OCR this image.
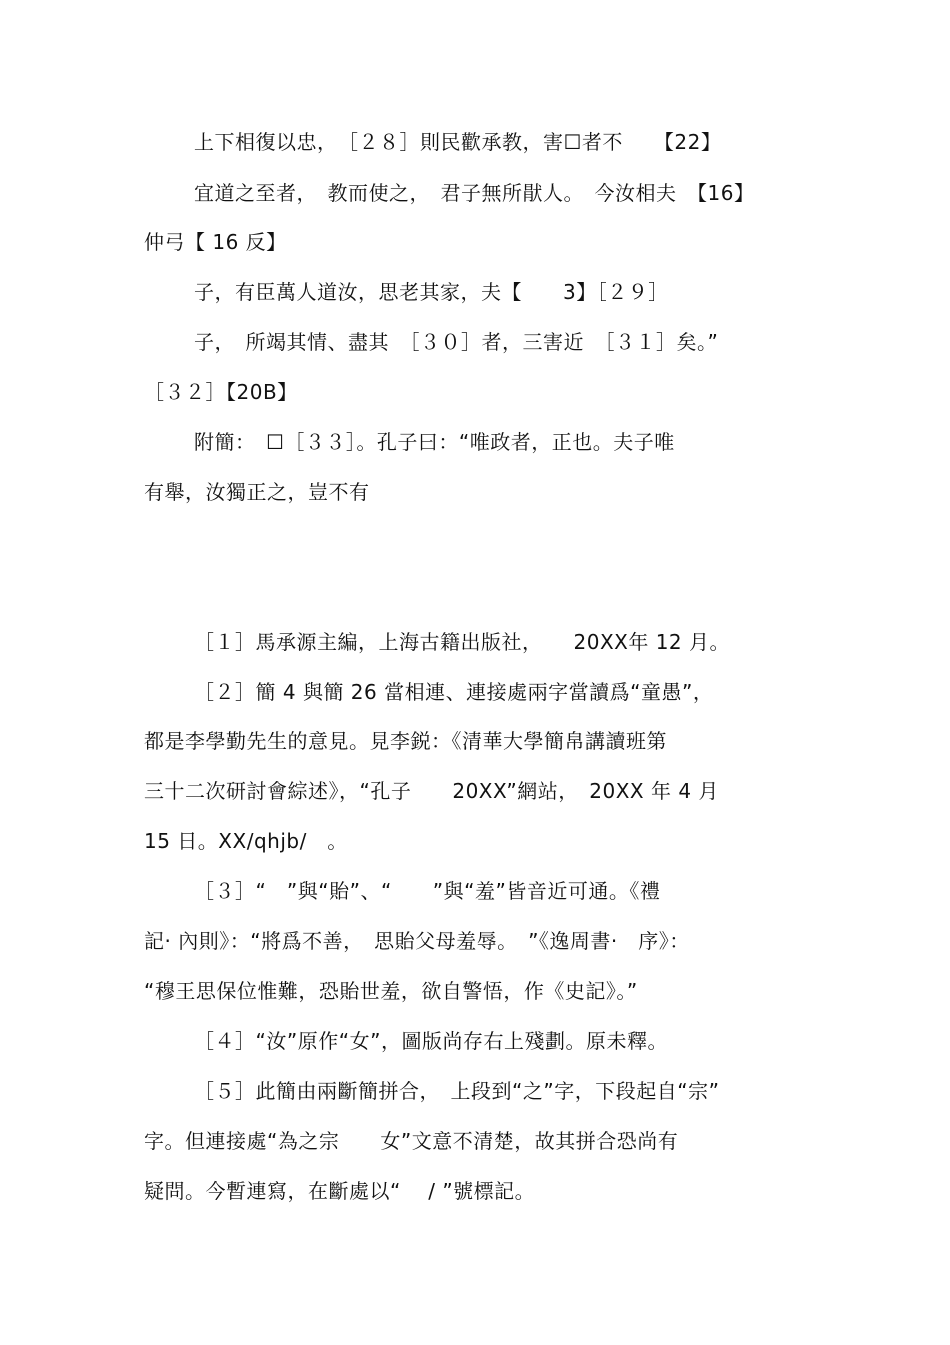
上下相復以忠，　［２８］則民歡承教，害☐者不　　【22】
宜道之至者，　教而使之，　君子無所猒人。　今汝相夫　【16】
仲弓【 16 反】
子，有臣萬人道汝，思老其家，夫【　　3】［２９］
子，　所竭其情、盡其　［３０］者，三害近　［３１］矣。”
［３２］【20B】
附簡：　☐［３３］。孔子曰：“唯政者，正也。夫子唯
有舉，汝獨正之，豈不有
［１］馬承源主編，上海古籍出版社，　　20XX年 12 月。
［２］簡 4 與簡 26 當相連、連接處兩字當讀爲“童愚”，
都是李學勤先生的意見。見李鋭：《清華大學簡帛講讀班第
三十二次研討會綜述》，“孔子　　20XX”網站，　20XX 年 4 月
15 日。XX/qhjb/　。
［３］“　”與“貽”、“　　”與“羞”皆音近可通。《禮
記· 內則》：“將爲不善，　思貽父母羞辱。　”《逸周書·　序》：
“穆王思保位惟難，恐貽世羞，欲自警悟，作《史記》。”
［４］“汝”原作“女”，圖版尚存右上殘劃。原未釋。
［５］此簡由兩斷簡拼合，　上段到“之”字，下段起自“宗”
字。但連接處“為之宗　　女”文意不清楚，故其拼合恐尚有
疑問。今暫連寫，在斷處以“　 / ”號標記。
